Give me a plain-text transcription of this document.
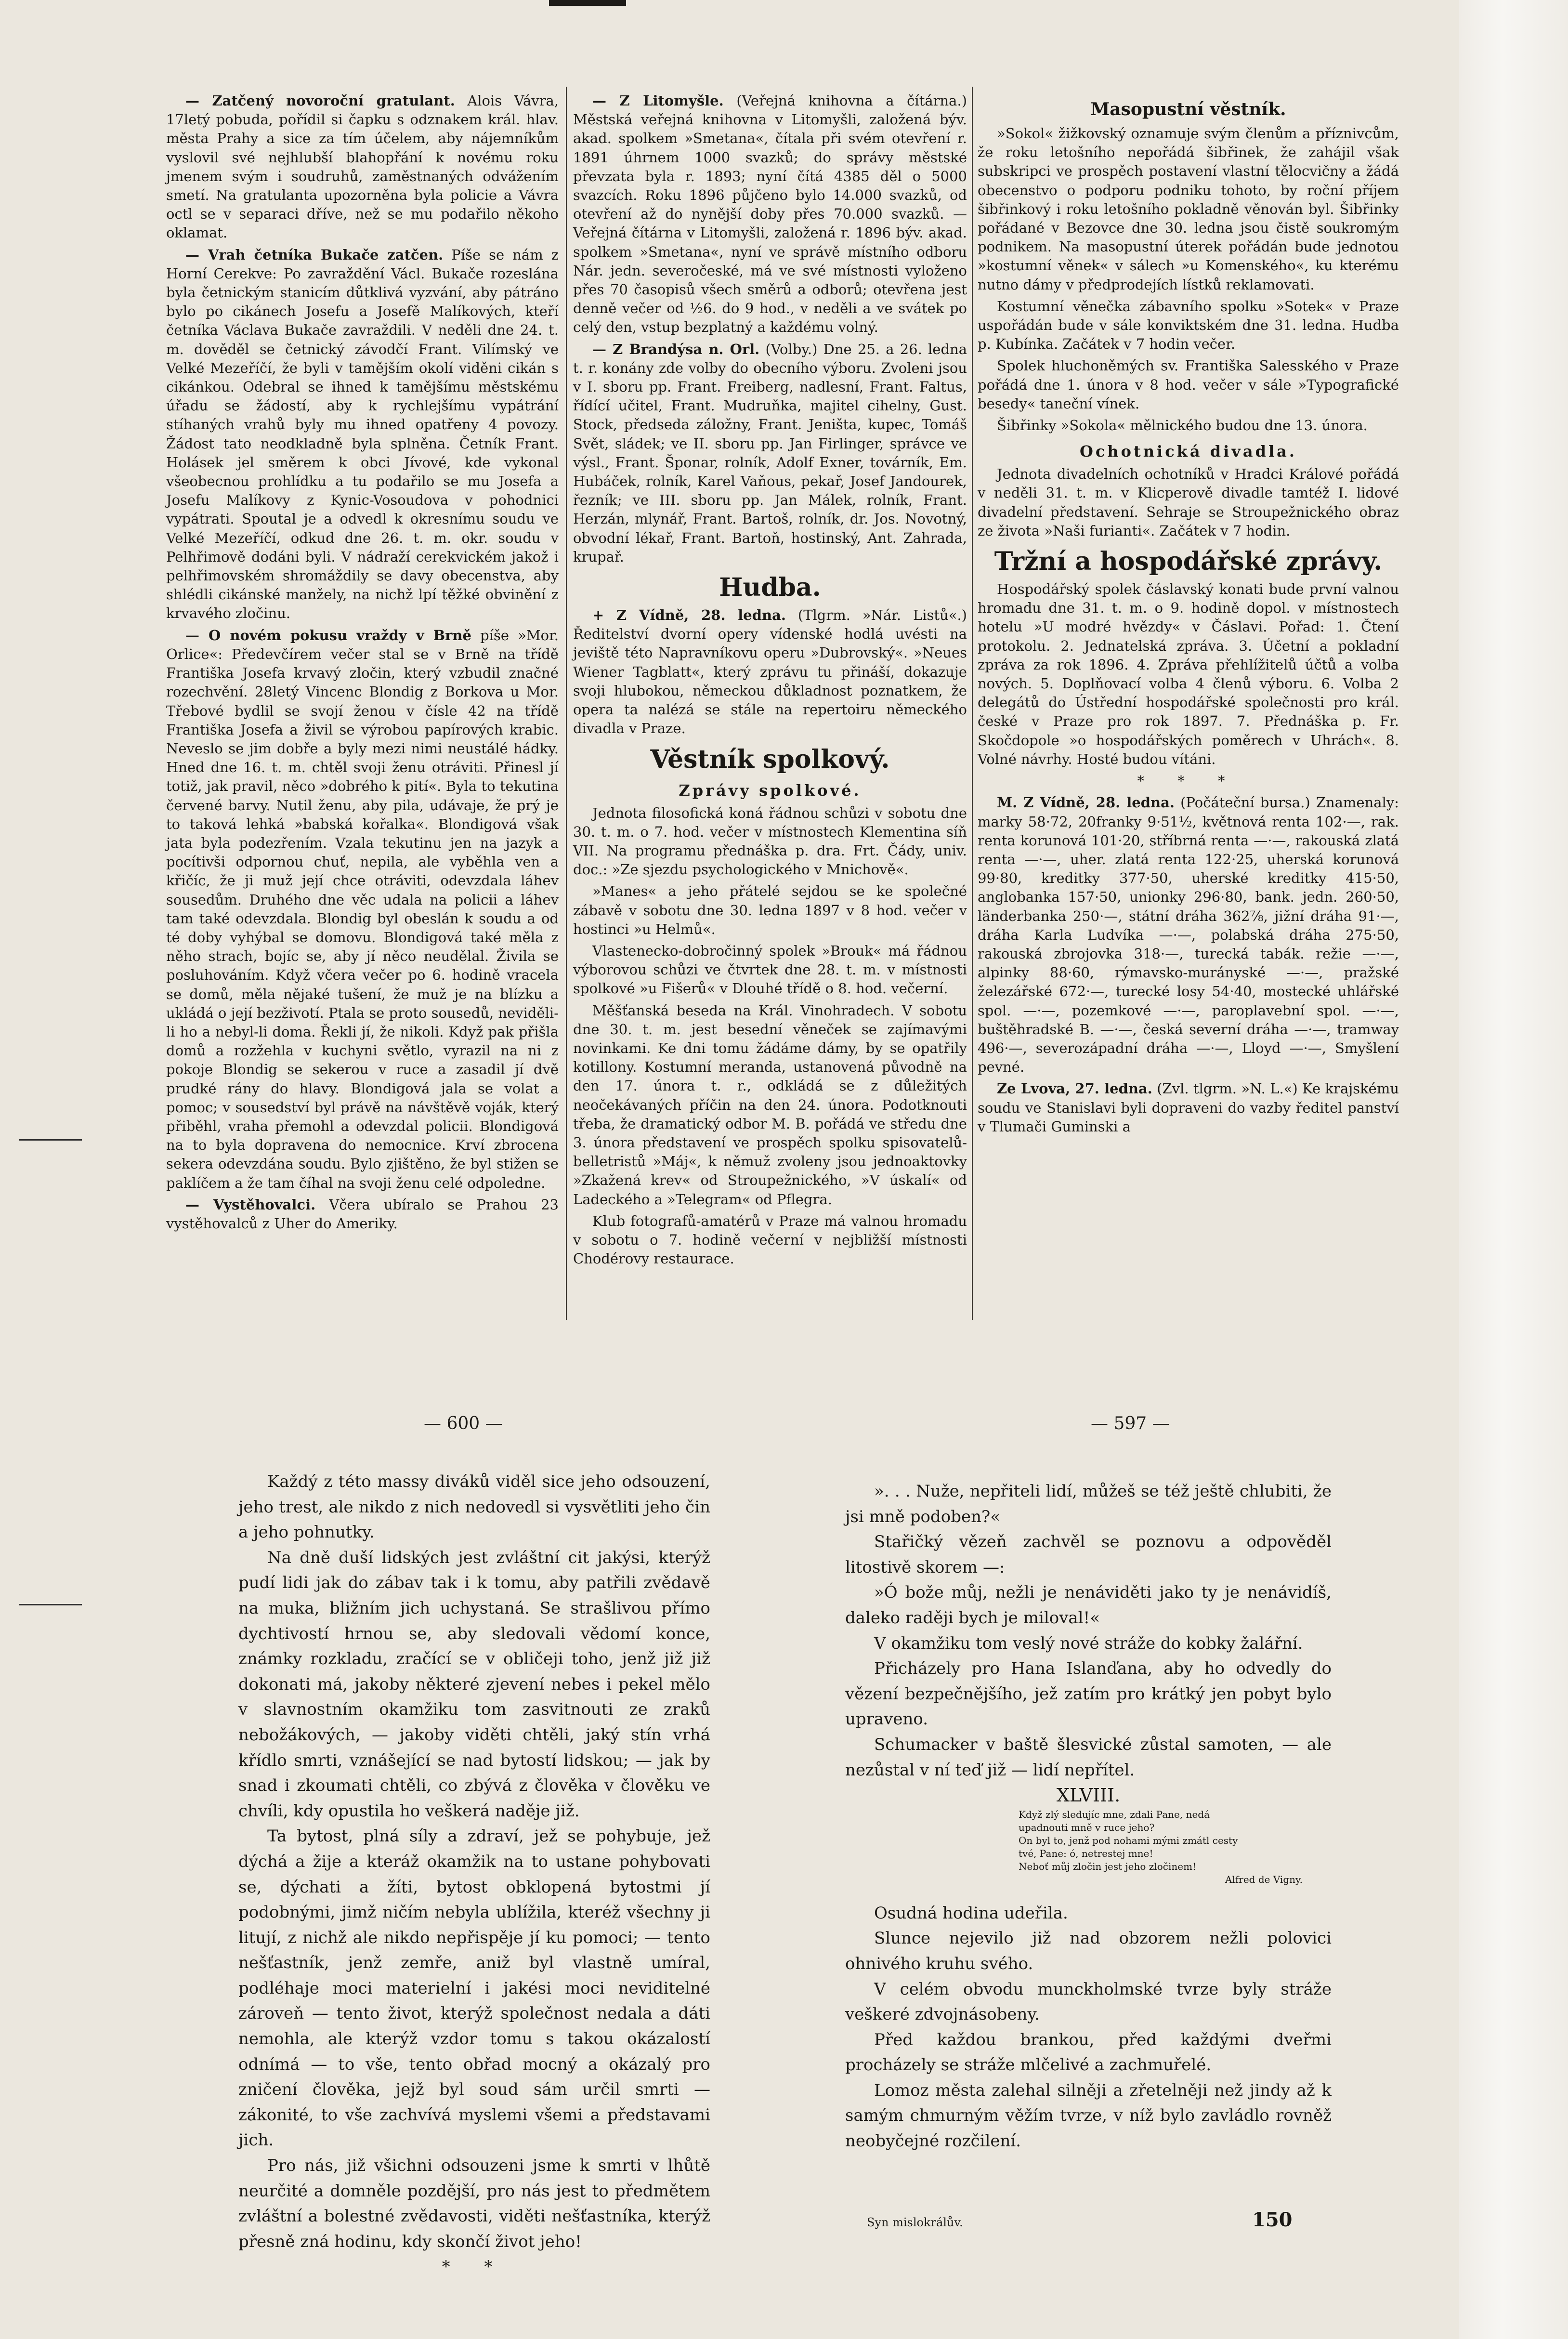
— Zatčený novoroční gratulant. Alois Vávra, 17letý pobuda, pořídil si čapku s odznakem král. hlav. města Prahy a sice za tím účelem, aby nájemníkům vyslovil své nejhlubší blahopřání k novému roku jmenem svým i soudruhů, zaměstnaných odvážením smetí. Na gratulanta upozorněna byla policie a Vávra octl se v separaci dříve, než se mu podařilo někoho oklamat.

— Vrah četníka Bukače zatčen. Píše se nám z Horní Cerekve: Po zavraždění Václ. Bukače rozeslána byla četnickým stanicím důtklivá vyzvání, aby pátráno bylo po cikánech Josefu a Josefě Malíkových, kteří četníka Václava Bukače zavraždili. V neděli dne 24. t. m. dověděl se četnický závodčí Frant. Vilímský ve Velké Mezeříčí, že byli v tamějším okolí viděni cikán s cikánkou. Odebral se ihned k tamějšímu městskému úřadu se žádostí, aby k rychlejšímu vypátrání stíhaných vrahů byly mu ihned opatřeny 4 povozy. Žádost tato neodkladně byla splněna. Četník Frant. Holásek jel směrem k obci Jívové, kde vykonal všeobecnou prohlídku a tu podařilo se mu Josefa a Josefu Malíkovy z Kynic-Vosoudova v pohodnici vypátrati. Spoutal je a odvedl k okresnímu soudu ve Velké Mezeříčí, odkud dne 26. t. m. okr. soudu v Pelhřimově dodáni byli. V nádraží cerekvickém jakož i pelhřimovském shromáždily se davy obecenstva, aby shlédli cikánské manžely, na nichž lpí těžké obvinění z krvavého zločinu.

— O novém pokusu vraždy v Brně píše »Mor. Orlice«: Předevčírem večer stal se v Brně na třídě Františka Josefa krvavý zločin, který vzbudil značné rozechvění. 28letý Vincenc Blondig z Borkova u Mor. Třebové bydlil se svojí ženou v čísle 42 na třídě Františka Josefa a živil se výrobou papírových krabic. Neveslo se jim dobře a byly mezi nimi neustálé hádky. Hned dne 16. t. m. chtěl svoji ženu otráviti. Přinesl jí totiž, jak pravil, něco »dobrého k pití«. Byla to tekutina červené barvy. Nutil ženu, aby pila, udávaje, že prý je to taková lehká »babská kořalka«. Blondigová však jata byla podezřením. Vzala tekutinu jen na jazyk a pocítivši odpornou chuť, nepila, ale vyběhla ven a křičíc, že ji muž její chce otráviti, odevzdala láhev sousedům. Druhého dne věc udala na policii a láhev tam také odevzdala. Blondig byl obeslán k soudu a od té doby vyhýbal se domovu. Blondigová také měla z něho strach, bojíc se, aby jí něco neudělal. Živila se posluhováním. Když včera večer po 6. hodině vracela se domů, měla nějaké tušení, že muž je na blízku a ukládá o její bezživotí. Ptala se proto sousedů, neviděli-li ho a nebyl-li doma. Řekli jí, že nikoli. Když pak přišla domů a rozžehla v kuchyni světlo, vyrazil na ni z pokoje Blondig se sekerou v ruce a zasadil jí dvě prudké rány do hlavy. Blondigová jala se volat a pomoc; v sousedství byl právě na návštěvě voják, který přiběhl, vraha přemohl a odevzdal policii. Blondigová na to byla dopravena do nemocnice. Krví zbrocena sekera odevzdána soudu. Bylo zjištěno, že byl stižen se paklíčem a že tam číhal na svoji ženu celé odpoledne.

— Vystěhovalci. Včera ubíralo se Prahou 23 vystěhovalců z Uher do Ameriky.

— Z Litomyšle. (Veřejná knihovna a čítárna.) Městská veřejná knihovna v Litomyšli, založená býv. akad. spolkem »Smetana«, čítala při svém otevření r. 1891 úhrnem 1000 svazků; do správy městské převzata byla r. 1893; nyní čítá 4385 děl o 5000 svazcích. Roku 1896 půjčeno bylo 14.000 svazků, od otevření až do nynější doby přes 70.000 svazků. — Veřejná čítárna v Litomyšli, založená r. 1896 býv. akad. spolkem »Smetana«, nyní ve správě místního odboru Nár. jedn. severočeské, má ve své místnosti vyloženo přes 70 časopisů všech směrů a odborů; otevřena jest denně večer od ½6. do 9 hod., v neděli a ve svátek po celý den, vstup bezplatný a každému volný.

— Z Brandýsa n. Orl. (Volby.) Dne 25. a 26. ledna t. r. konány zde volby do obecního výboru. Zvoleni jsou v I. sboru pp. Frant. Freiberg, nadlesní, Frant. Faltus, řídící učitel, Frant. Mudruňka, majitel cihelny, Gust. Stock, předseda záložny, Frant. Jeništa, kupec, Tomáš Svět, sládek; ve II. sboru pp. Jan Firlinger, správce ve výsl., Frant. Šponar, rolník, Adolf Exner, továrník, Em. Hubáček, rolník, Karel Vaňous, pekař, Josef Jandourek, řezník; ve III. sboru pp. Jan Málek, rolník, Frant. Herzán, mlynář, Frant. Bartoš, rolník, dr. Jos. Novotný, obvodní lékař, Frant. Bartoň, hostinský, Ant. Zahrada, krupař.

Hudba.

+ Z Vídně, 28. ledna. (Tlgrm. »Nár. Listů«.) Ředitelství dvorní opery vídenské hodlá uvésti na jeviště této Napravníkovu operu »Dubrovský«. »Neues Wiener Tagblatt«, který zprávu tu přináší, dokazuje svoji hlubokou, německou důkladnost poznatkem, že opera ta nalézá se stále na repertoiru německého divadla v Praze.

Věstník spolkový.
Zprávy spolkové.

Jednota filosofická koná řádnou schůzi v sobotu dne 30. t. m. o 7. hod. večer v místnostech Klementina síň VII. Na programu přednáška p. dra. Frt. Čády, univ. doc.: »Ze sjezdu psychologického v Mnichově«.

»Manes« a jeho přátelé sejdou se ke společné zábavě v sobotu dne 30. ledna 1897 v 8 hod. večer v hostinci »u Helmů«.

Vlastenecko-dobročinný spolek »Brouk« má řádnou výborovou schůzi ve čtvrtek dne 28. t. m. v místnosti spolkové »u Fišerů« v Dlouhé třídě o 8. hod. večerní.

Měšťanská beseda na Král. Vinohradech. V sobotu dne 30. t. m. jest besední věneček se zajímavými novinkami. Ke dni tomu žádáme dámy, by se opatřily kotillony. Kostumní meranda, ustanovená původně na den 17. února t. r., odkládá se z důležitých neočekávaných příčin na den 24. února. Podotknouti třeba, že dramatický odbor M. B. pořádá ve středu dne 3. února představení ve prospěch spolku spisovatelů-belletristů »Máj«, k němuž zvoleny jsou jednoaktovky »Zkažená krev« od Stroupežnického, »V úskalí« od Ladeckého a »Telegram« od Pflegra.

Klub fotografů-amatérů v Praze má valnou hromadu v sobotu o 7. hodině večerní v nejbližší místnosti Chodérovy restaurace.

Masopustní věstník.

»Sokol« žižkovský oznamuje svým členům a příznivcům, že roku letošního nepořádá šibřinek, že zahájil však subskripci ve prospěch postavení vlastní tělocvičny a žádá obecenstvo o podporu podniku tohoto, by roční příjem šibřinkový i roku letošního pokladně věnován byl. Šibřinky pořádané v Bezovce dne 30. ledna jsou čistě soukromým podnikem. Na masopustní úterek pořádán bude jednotou »kostumní věnek« v sálech »u Komenského«, ku kterému nutno dámy v předprodejích lístků reklamovati.

Kostumní věnečka zábavního spolku »Sotek« v Praze uspořádán bude v sále konviktském dne 31. ledna. Hudba p. Kubínka. Začátek v 7 hodin večer.

Spolek hluchoněmých sv. Františka Salesského v Praze pořádá dne 1. února v 8 hod. večer v sále »Typografické besedy« taneční vínek.

Šibřinky »Sokola« mělnického budou dne 13. února.

Ochotnická divadla.

Jednota divadelních ochotníků v Hradci Králové pořádá v neděli 31. t. m. v Klicperově divadle tamtéž I. lidové divadelní představení. Sehraje se Stroupežnického obraz ze života »Naši furianti«. Začátek v 7 hodin.

Tržní a hospodářské zprávy.

Hospodářský spolek čáslavský konati bude první valnou hromadu dne 31. t. m. o 9. hodině dopol. v místnostech hotelu »U modré hvězdy« v Čáslavi. Pořad: 1. Čtení protokolu. 2. Jednatelská zpráva. 3. Účetní a pokladní zpráva za rok 1896. 4. Zpráva přehlížitelů účtů a volba nových. 5. Doplňovací volba 4 členů výboru. 6. Volba 2 delegátů do Ústřední hospodářské společnosti pro král. české v Praze pro rok 1897. 7. Přednáška p. Fr. Skočdopole »o hospodářských poměrech v Uhrách«. 8. Volné návrhy. Hosté budou vítáni.

* * *

M. Z Vídně, 28. ledna. (Počáteční bursa.) Znamenaly: marky 58·72, 20franky 9·51½, květnová renta 102·—, rak. renta korunová 101·20, stříbrná renta —·—, rakouská zlatá renta —·—, uher. zlatá renta 122·25, uherská korunová 99·80, kreditky 377·50, uherské kreditky 415·50, anglobanka 157·50, unionky 296·80, bank. jedn. 260·50, länderbanka 250·—, státní dráha 362⅞, jižní dráha 91·—, dráha Karla Ludvíka —·—, polabská dráha 275·50, rakouská zbrojovka 318·—, turecká tabák. režie —·—, alpinky 88·60, rýmavsko-murányské —·—, pražské železářské 672·—, turecké losy 54·40, mostecké uhlářské spol. —·—, pozemkové —·—, paroplavební spol. —·—, buštěhradské B. —·—, česká severní dráha —·—, tramway 496·—, severozápadní dráha —·—, Lloyd —·—, Smyšlení pevné.

Ze Lvova, 27. ledna. (Zvl. tlgrm. »N. L.«) Ke krajskému soudu ve Stanislavi byli dopraveni do vazby ředitel panství v Tlumači Guminski a

— 600 —	— 597 —

Každý z této massy diváků viděl sice jeho odsouzení, jeho trest, ale nikdo z nich nedovedl si vysvětliti jeho čin a jeho pohnutky.

Na dně duší lidských jest zvláštní cit jakýsi, kterýž pudí lidi jak do zábav tak i k tomu, aby patřili zvědavě na muka, bližním jich uchystaná. Se strašlivou přímo dychtivostí hrnou se, aby sledovali vědomí konce, známky rozkladu, zračící se v obličeji toho, jenž již již dokonati má, jakoby některé zjevení nebes i pekel mělo v slavnostním okamžiku tom zasvitnouti ze zraků nebožákových, — jakoby viděti chtěli, jaký stín vrhá křídlo smrti, vznášející se nad bytostí lidskou; — jak by snad i zkoumati chtěli, co zbývá z člověka v člověku ve chvíli, kdy opustila ho veškerá naděje již.

Ta bytost, plná síly a zdraví, jež se pohybuje, jež dýchá a žije a kteráž okamžik na to ustane pohybovati se, dýchati a žíti, bytost obklopená bytostmi jí podobnými, jimž ničím nebyla ublížila, kteréž všechny ji litují, z nichž ale nikdo nepřispěje jí ku pomoci; — tento nešťastník, jenž zemře, aniž byl vlastně umíral, podléhaje moci materielní i jakési moci neviditelné zároveň — tento život, kterýž společnost nedala a dáti nemohla, ale kterýž vzdor tomu s takou okázalostí odnímá — to vše, tento obřad mocný a okázalý pro zničení člověka, jejž byl soud sám určil smrti — zákonité, to vše zachvívá myslemi všemi a představami jich.

Pro nás, již všichni odsouzeni jsme k smrti v lhůtě neurčité a domněle pozdější, pro nás jest to předmětem zvláštní a bolestné zvědavosti, viděti nešťastníka, kterýž přesně zná hodinu, kdy skončí život jeho!

* *

». . . Nuže, nepřiteli lidí, můžeš se též ještě chlubiti, že jsi mně podoben?«

Stařičký vězeň zachvěl se poznovu a odpověděl litostivě skorem —:

»Ó bože můj, nežli je nenáviděti jako ty je nenávidíš, daleko raději bych je miloval!«

V okamžiku tom veslý nové stráže do kobky žalářní.

Přicházely pro Hana Islanďana, aby ho odvedly do vězení bezpečnějšího, jež zatím pro krátký jen pobyt bylo upraveno.

Schumacker v baště šlesvické zůstal samoten, — ale nezůstal v ní teď již — lidí nepřítel.

XLVIII.

Když zlý sledujíc mne, zdali Pane, nedá
upadnouti mně v ruce jeho?
On byl to, jenž pod nohami mými zmátl cesty
tvé, Pane: ó, netrestej mne!
Neboť můj zločin jest jeho zločinem!
Alfred de Vigny.

Osudná hodina udeřila.

Slunce nejevilo již nad obzorem nežli polovici ohnivého kruhu svého.

V celém obvodu munckholmské tvrze byly stráže veškeré zdvojnásobeny.

Před každou brankou, před každými dveřmi procházely se stráže mlčelivé a zachmuřelé.

Lomoz města zalehal silněji a zřetelněji než jindy až k samým chmurným věžím tvrze, v níž bylo zavládlo rovněž neobyčejné rozčilení.

Syn mislokrálův.	150
